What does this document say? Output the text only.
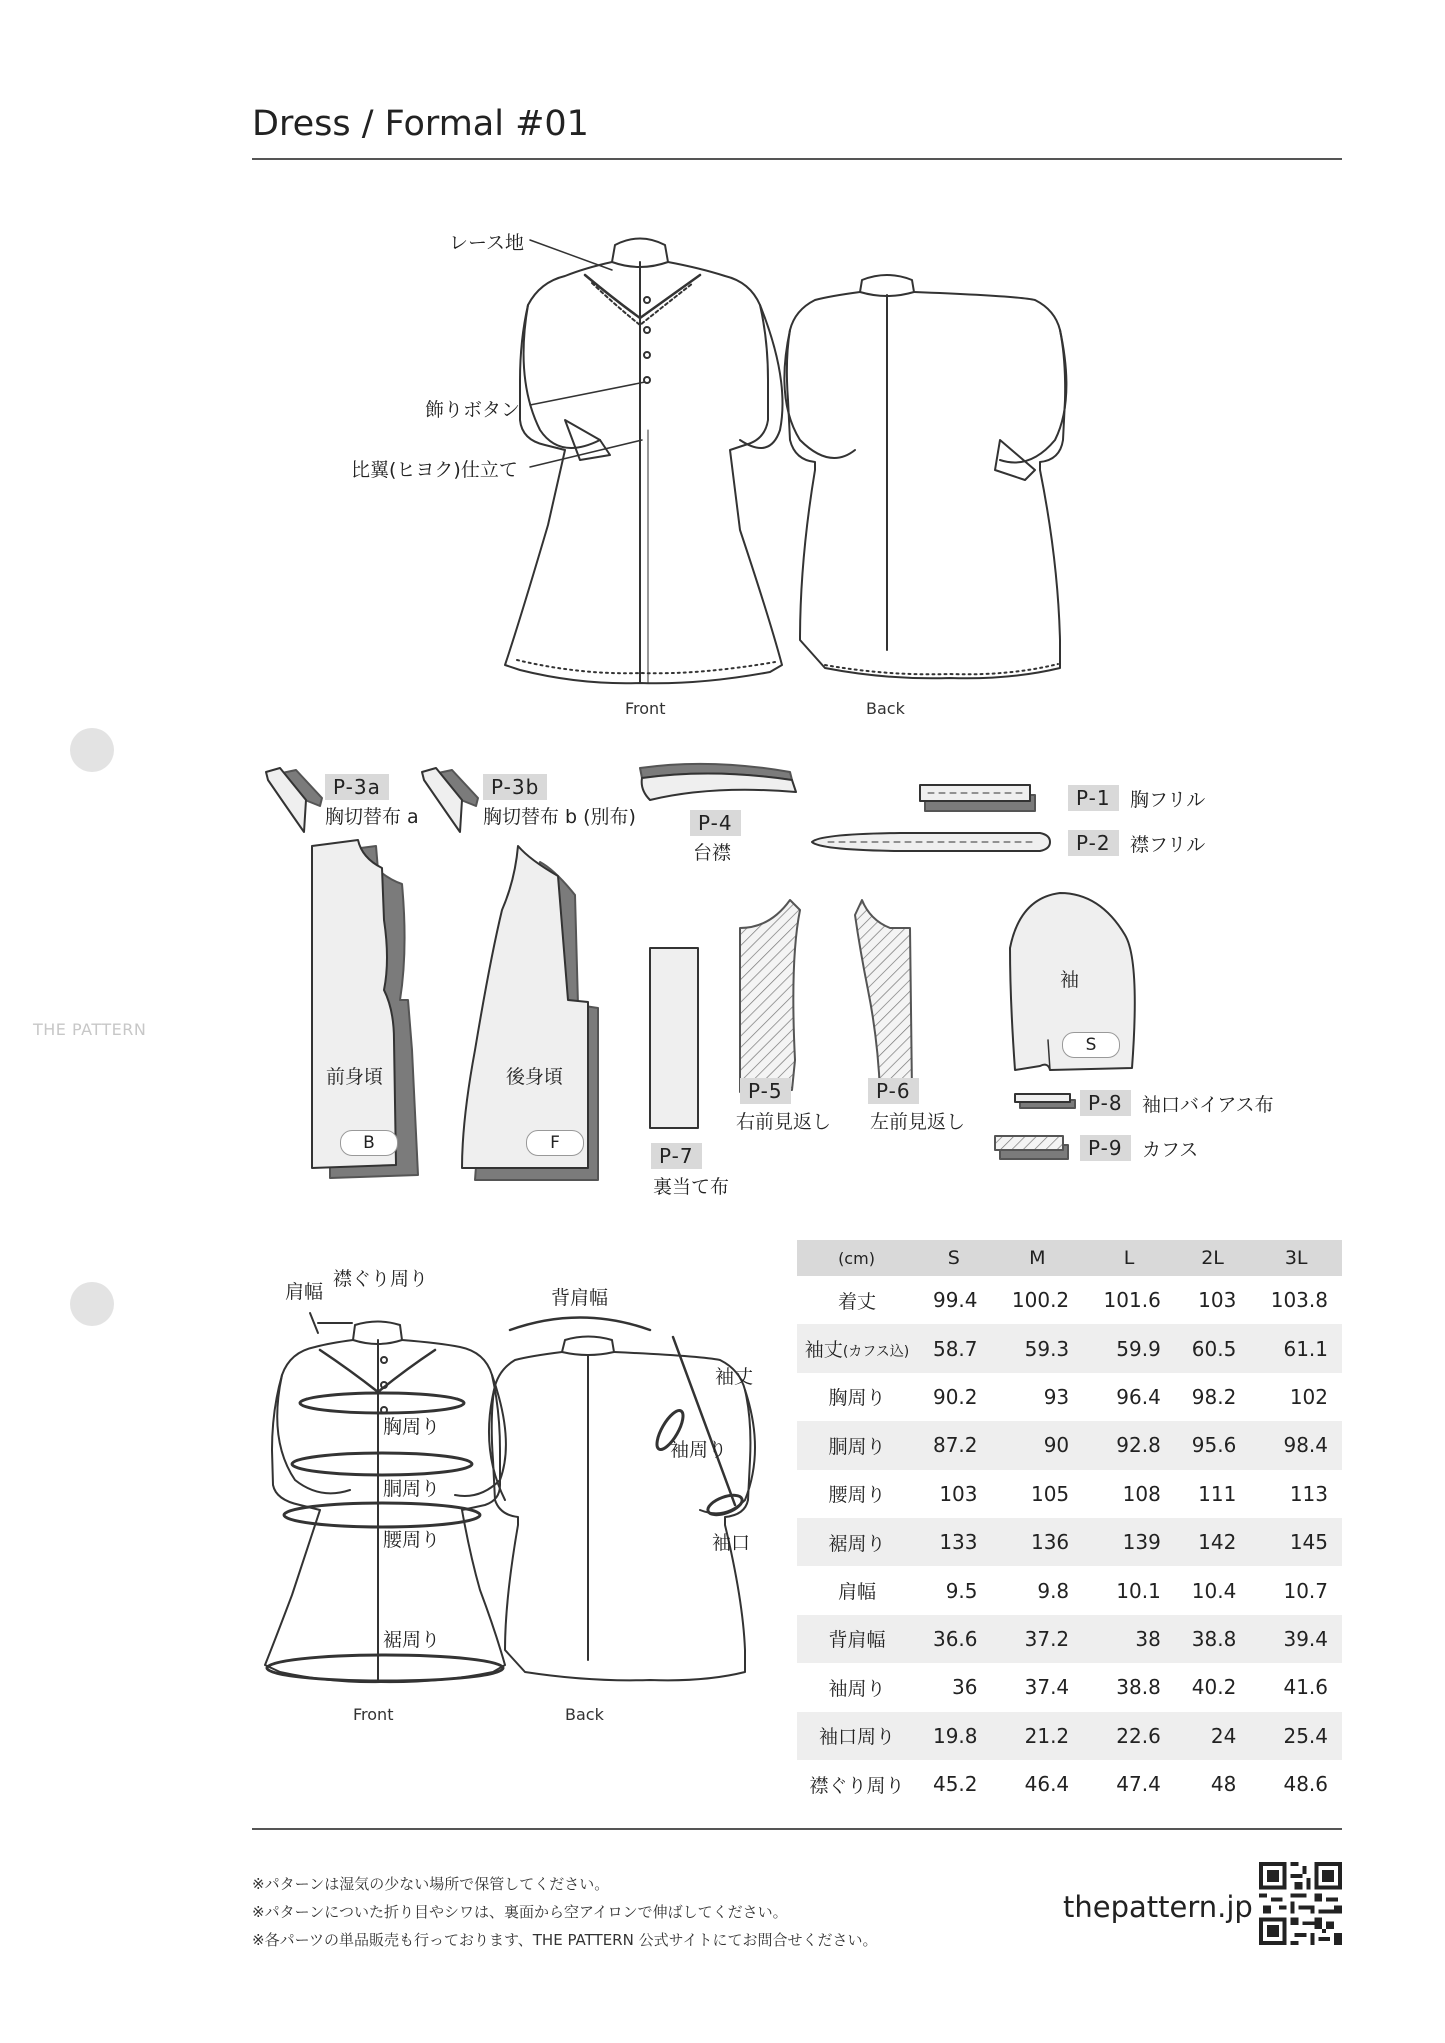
Dress / Formal #01
THE PATTERN
レース地
飾りボタン
比翼(ヒヨク)仕立て
Front	Back
P-3a
胸切替布 a
P-3b
胸切替布 b (別布)	P-4
台襟
P-1	胸フリル
P-2	襟フリル
前身頃
B
後身頃
F
P-7
裏当て布
P-5
右前見返し
P-6
左前見返し
袖
S
P-8	袖口バイアス布
P-9	カフス
肩幅
襟ぐり周り
背肩幅
袖丈
袖周り
袖口
胸周り
胴周り
腰周り
裾周り
Front	Back
(cm)	S	M	L	2L	3L
着丈	99.4	100.2	101.6	103	103.8
袖丈(カフス込)	58.7	59.3	59.9	60.5	61.1
胸周り	90.2	93	96.4	98.2	102
胴周り	87.2	90	92.8	95.6	98.4
腰周り	103	105	108	111	113
裾周り	133	136	139	142	145
肩幅	9.5	9.8	10.1	10.4	10.7
背肩幅	36.6	37.2	38	38.8	39.4
袖周り	36	37.4	38.8	40.2	41.6
袖口周り	19.8	21.2	22.6	24	25.4
襟ぐり周り	45.2	46.4	47.4	48	48.6
※パターンは湿気の少ない場所で保管してください。
※パターンについた折り目やシワは、裏面から空アイロンで伸ばしてください。
※各パーツの単品販売も行っております、THE PATTERN 公式サイトにてお問合せください。
thepattern.jp
